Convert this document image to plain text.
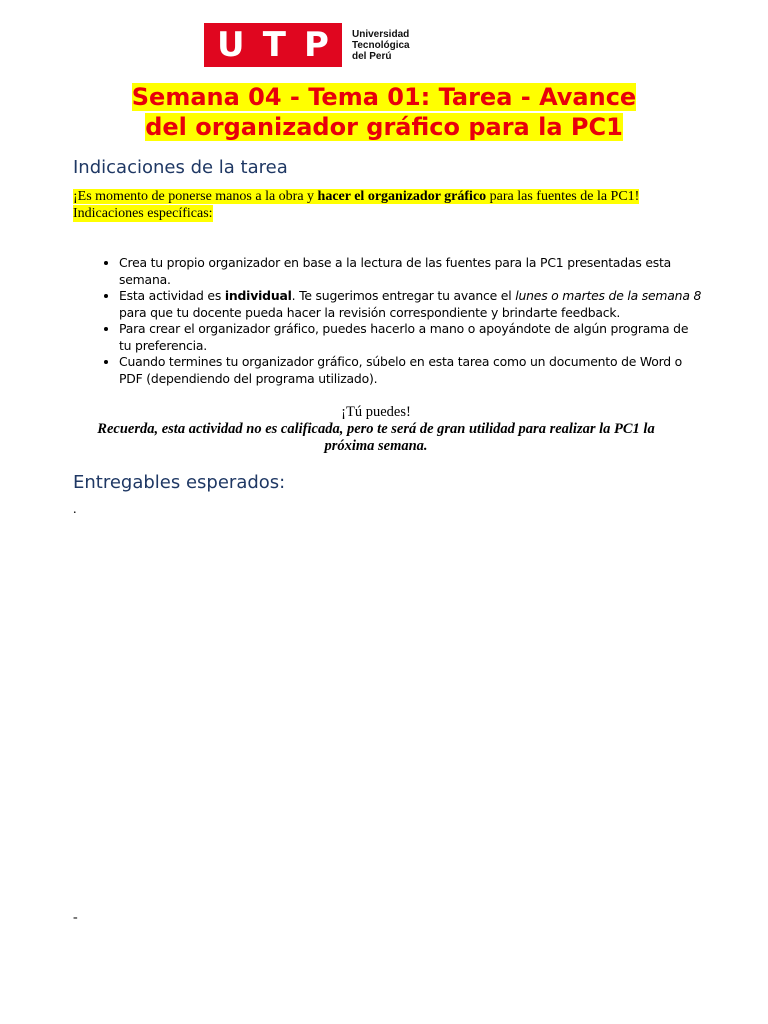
U T P Universidad
Tecnológica
del Perú
Semana 04 - Tema 01: Tarea - Avance
del organizador gráfico para la PC1
Indicaciones de la tarea
¡Es momento de ponerse manos a la obra y hacer el organizador gráfico para las fuentes de la PC1!
Indicaciones específicas:
• Crea tu propio organizador en base a la lectura de las fuentes para la PC1 presentadas esta semana.
• Esta actividad es individual. Te sugerimos entregar tu avance el lunes o martes de la semana 8 para que tu docente pueda hacer la revisión correspondiente y brindarte feedback.
• Para crear el organizador gráfico, puedes hacerlo a mano o apoyándote de algún programa de tu preferencia.
• Cuando termines tu organizador gráfico, súbelo en esta tarea como un documento de Word o PDF (dependiendo del programa utilizado).
¡Tú puedes!
Recuerda, esta actividad no es calificada, pero te será de gran utilidad para realizar la PC1 la próxima semana.
Entregables esperados:
.
-
